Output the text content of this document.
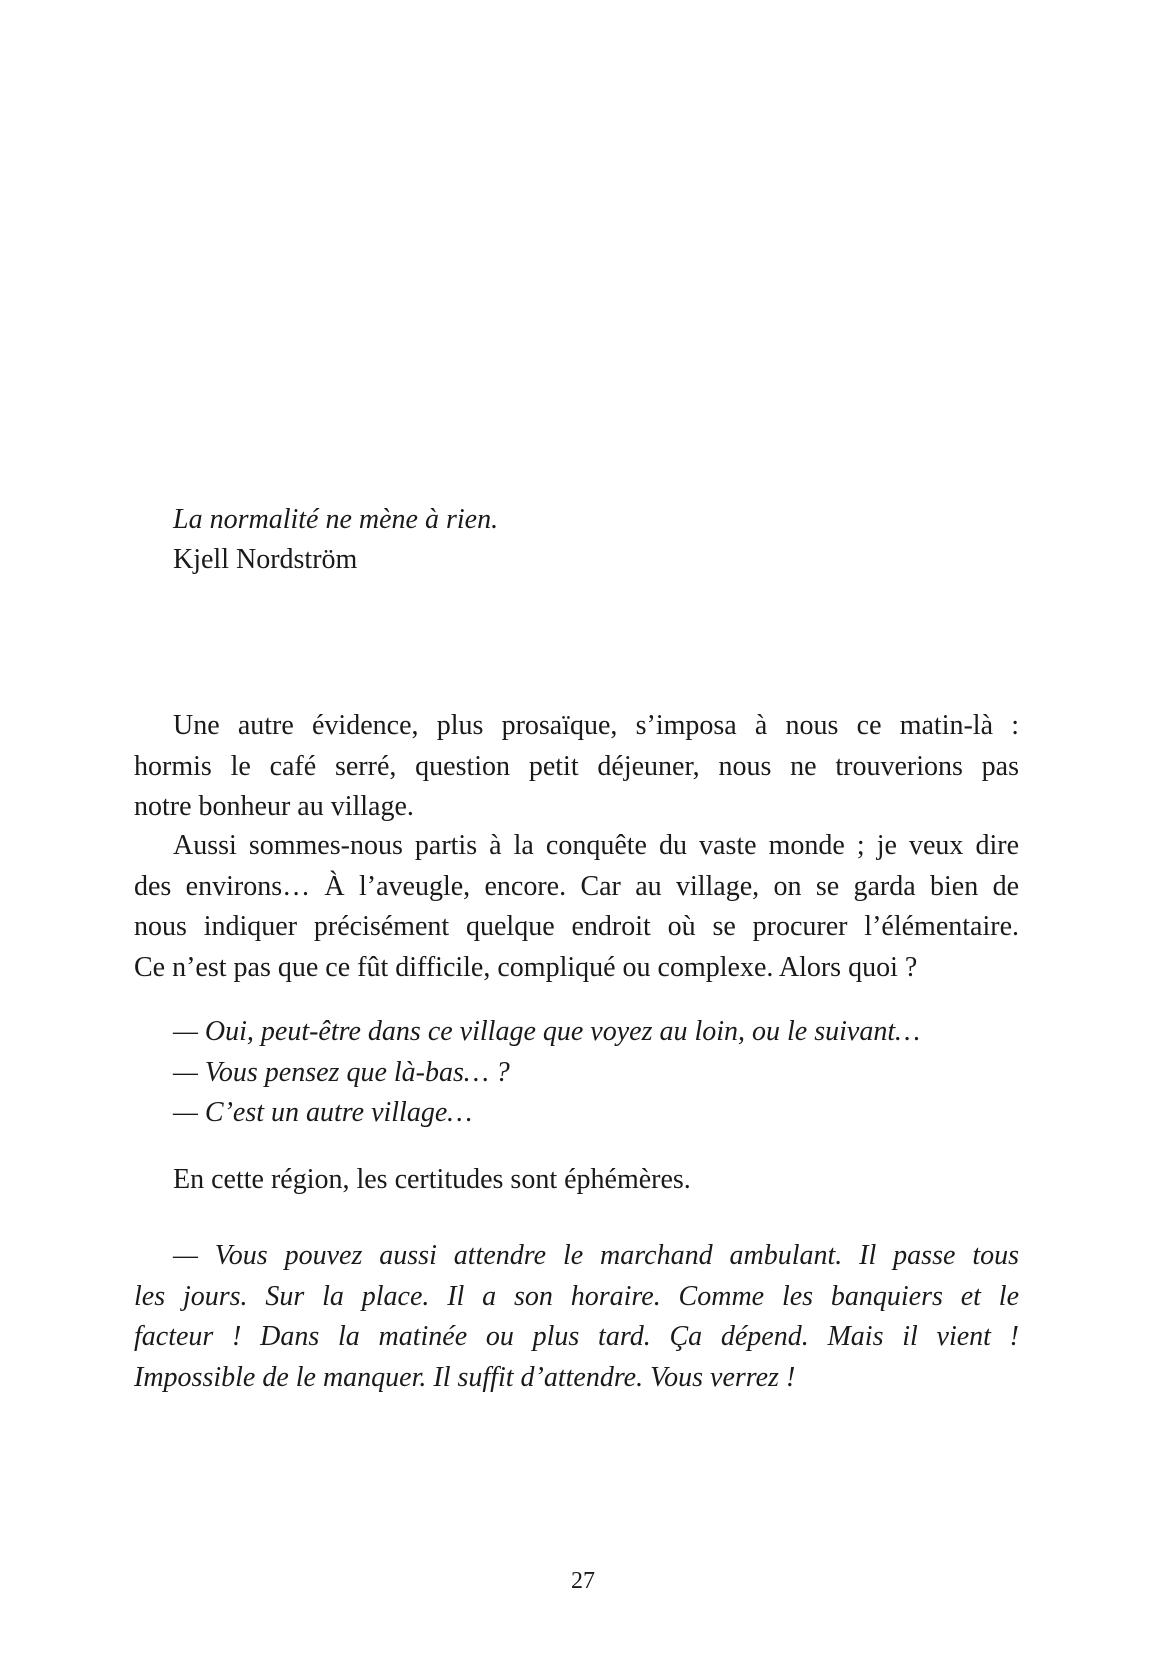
La normalité ne mène à rien.
Kjell Nordström
Une autre évidence, plus prosaïque, s’imposa à nous ce matin-là :
hormis le café serré, question petit déjeuner, nous ne trouverions pas
notre bonheur au village.
Aussi sommes-nous partis à la conquête du vaste monde ; je veux dire
des environs… À l’aveugle, encore. Car au village, on se garda bien de
nous indiquer précisément quelque endroit où se procurer l’élémentaire.
Ce n’est pas que ce fût difficile, compliqué ou complexe. Alors quoi ?
— Oui, peut-être dans ce village que voyez au loin, ou le suivant…
— Vous pensez que là-bas… ?
— C’est un autre village…
En cette région, les certitudes sont éphémères.
— Vous pouvez aussi attendre le marchand ambulant. Il passe tous
les jours. Sur la place. Il a son horaire. Comme les banquiers et le
facteur ! Dans la matinée ou plus tard. Ça dépend. Mais il vient !
Impossible de le manquer. Il suffit d’attendre. Vous verrez !
27
